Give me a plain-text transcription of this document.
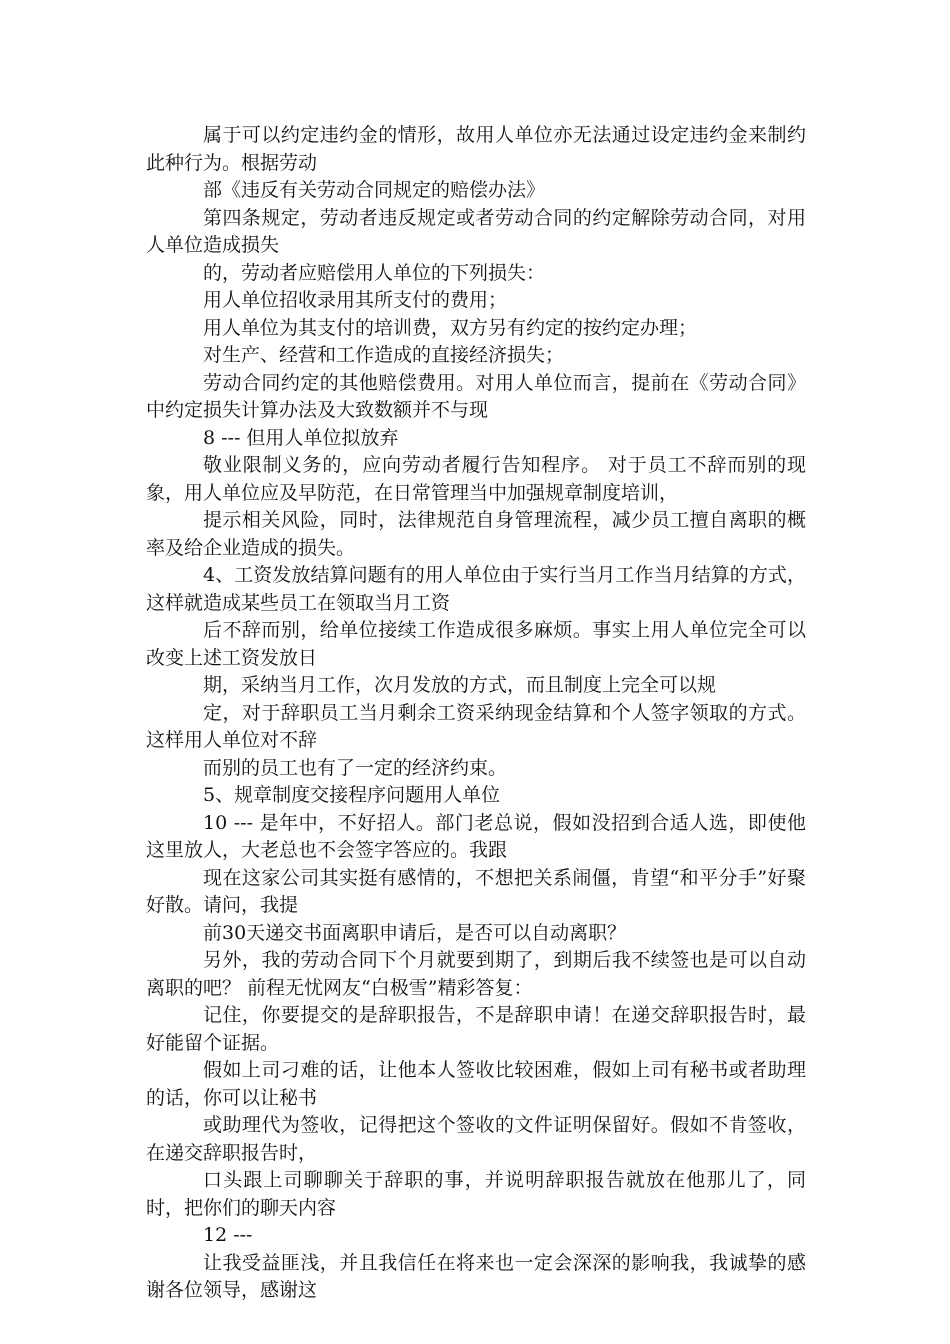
属于可以约定违约金的情形，故用人单位亦无法通过设定违约金来制约此种行为。根据劳动

部《违反有关劳动合同规定的赔偿办法》

第四条规定，劳动者违反规定或者劳动合同的约定解除劳动合同，对用人单位造成损失

的，劳动者应赔偿用人单位的下列损失：

用人单位招收录用其所支付的费用；

用人单位为其支付的培训费，双方另有约定的按约定办理；

对生产、经营和工作造成的直接经济损失；

劳动合同约定的其他赔偿费用。对用人单位而言，提前在《劳动合同》中约定损失计算办法及大致数额并不与现

8 --- 但用人单位拟放弃

敬业限制义务的，应向劳动者履行告知程序。 对于员工不辞而别的现象，用人单位应及早防范，在日常管理当中加强规章制度培训，

提示相关风险，同时，法律规范自身管理流程，减少员工擅自离职的概率及给企业造成的损失。

4、工资发放结算问题有的用人单位由于实行当月工作当月结算的方式，这样就造成某些员工在领取当月工资

后不辞而别，给单位接续工作造成很多麻烦。事实上用人单位完全可以改变上述工资发放日

期，采纳当月工作，次月发放的方式，而且制度上完全可以规

定，对于辞职员工当月剩余工资采纳现金结算和个人签字领取的方式。这样用人单位对不辞

而别的员工也有了一定的经济约束。

5、规章制度交接程序问题用人单位

10 --- 是年中，不好招人。部门老总说，假如没招到合适人选，即使他这里放人，大老总也不会签字答应的。我跟

现在这家公司其实挺有感情的，不想把关系闹僵，肯望“和平分手”好聚好散。请问，我提

前30天递交书面离职申请后，是否可以自动离职？

另外，我的劳动合同下个月就要到期了，到期后我不续签也是可以自动离职的吧？ 前程无忧网友“白极雪”精彩答复：

记住，你要提交的是辞职报告，不是辞职申请！在递交辞职报告时，最好能留个证据。

假如上司刁难的话，让他本人签收比较困难，假如上司有秘书或者助理的话，你可以让秘书

或助理代为签收，记得把这个签收的文件证明保留好。假如不肯签收，在递交辞职报告时，

口头跟上司聊聊关于辞职的事，并说明辞职报告就放在他那儿了，同时，把你们的聊天内容

12 ---

让我受益匪浅，并且我信任在将来也一定会深深的影响我，我诚挚的感谢各位领导，感谢这
